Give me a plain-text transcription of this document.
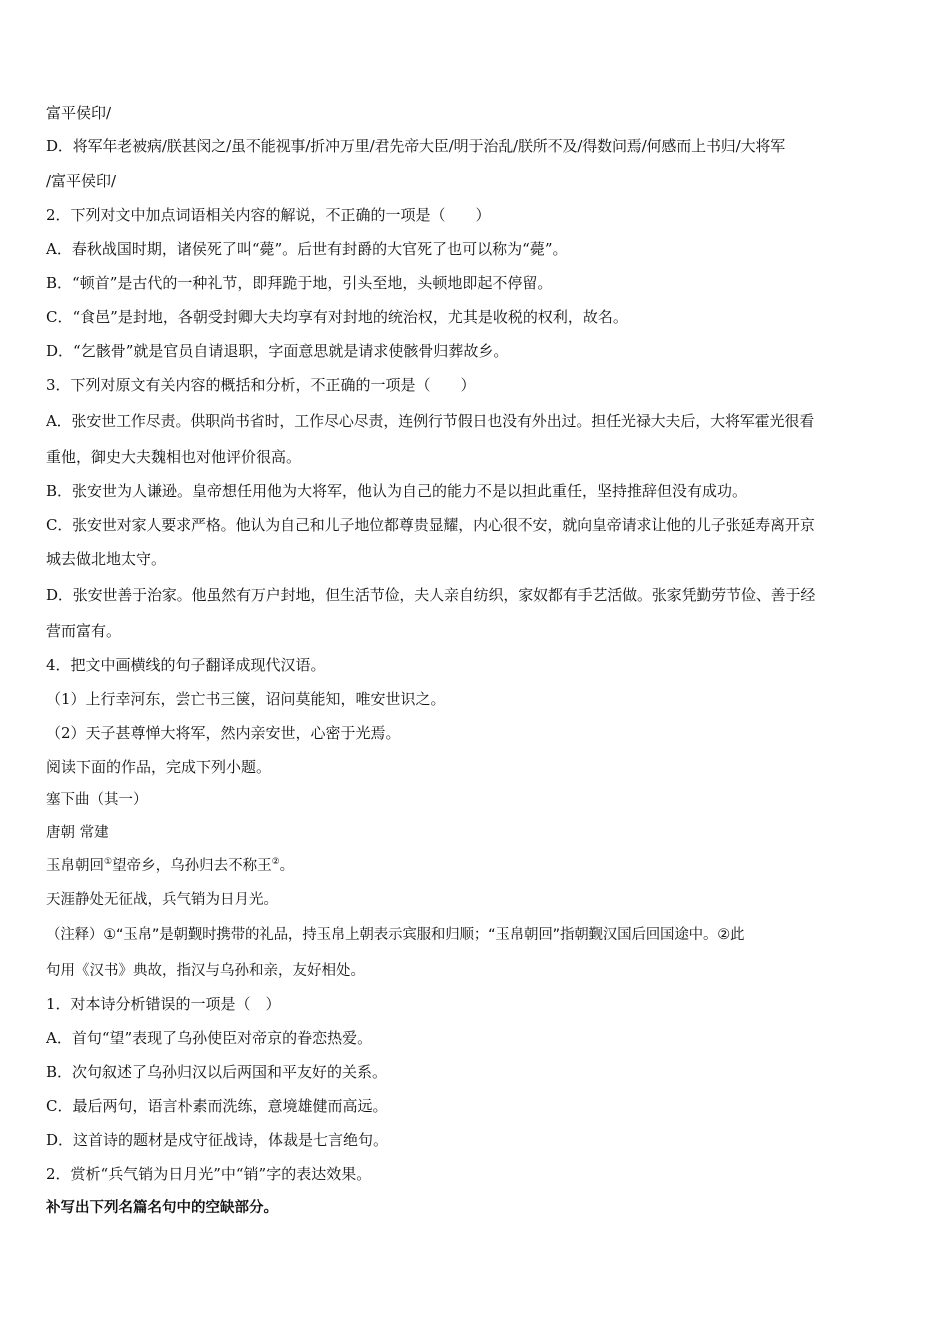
富平侯印/
D．将军年老被病/朕甚闵之/虽不能视事/折冲万里/君先帝大臣/明于治乱/朕所不及/得数问焉/何感而上书归/大将军
/富平侯印/
2．下列对文中加点词语相关内容的解说，不正确的一项是（　　）
A．春秋战国时期，诸侯死了叫“薨”。后世有封爵的大官死了也可以称为“薨”。
B．“顿首”是古代的一种礼节，即拜跪于地，引头至地，头顿地即起不停留。
C．“食邑”是封地，各朝受封卿大夫均享有对封地的统治权，尤其是收税的权利，故名。
D．“乞骸骨”就是官员自请退职，字面意思就是请求使骸骨归葬故乡。
3．下列对原文有关内容的概括和分析，不正确的一项是（　　）
A．张安世工作尽责。供职尚书省时，工作尽心尽责，连例行节假日也没有外出过。担任光禄大夫后，大将军霍光很看
重他，御史大夫魏相也对他评价很高。
B．张安世为人谦逊。皇帝想任用他为大将军，他认为自己的能力不是以担此重任，坚持推辞但没有成功。
C．张安世对家人要求严格。他认为自己和儿子地位都尊贵显耀，内心很不安，就向皇帝请求让他的儿子张延寿离开京
城去做北地太守。
D．张安世善于治家。他虽然有万户封地，但生活节俭，夫人亲自纺织，家奴都有手艺活做。张家凭勤劳节俭、善于经
营而富有。
4．把文中画横线的句子翻译成现代汉语。
（1）上行幸河东，尝亡书三箧，诏问莫能知，唯安世识之。
（2）天子甚尊惮大将军，然内亲安世，心密于光焉。
阅读下面的作品，完成下列小题。
塞下曲（其一）
唐朝 常建
玉帛朝回①望帝乡，乌孙归去不称王②。
天涯静处无征战，兵气销为日月光。
（注释）①“玉帛”是朝觐时携带的礼品，持玉帛上朝表示宾服和归顺；“玉帛朝回”指朝觐汉国后回国途中。②此
句用《汉书》典故，指汉与乌孙和亲，友好相处。
1．对本诗分析错误的一项是（　）
A．首句“望”表现了乌孙使臣对帝京的眷恋热爱。
B．次句叙述了乌孙归汉以后两国和平友好的关系。
C．最后两句，语言朴素而洗练，意境雄健而高远。
D．这首诗的题材是戍守征战诗，体裁是七言绝句。
2．赏析“兵气销为日月光”中“销”字的表达效果。
补写出下列名篇名句中的空缺部分。
